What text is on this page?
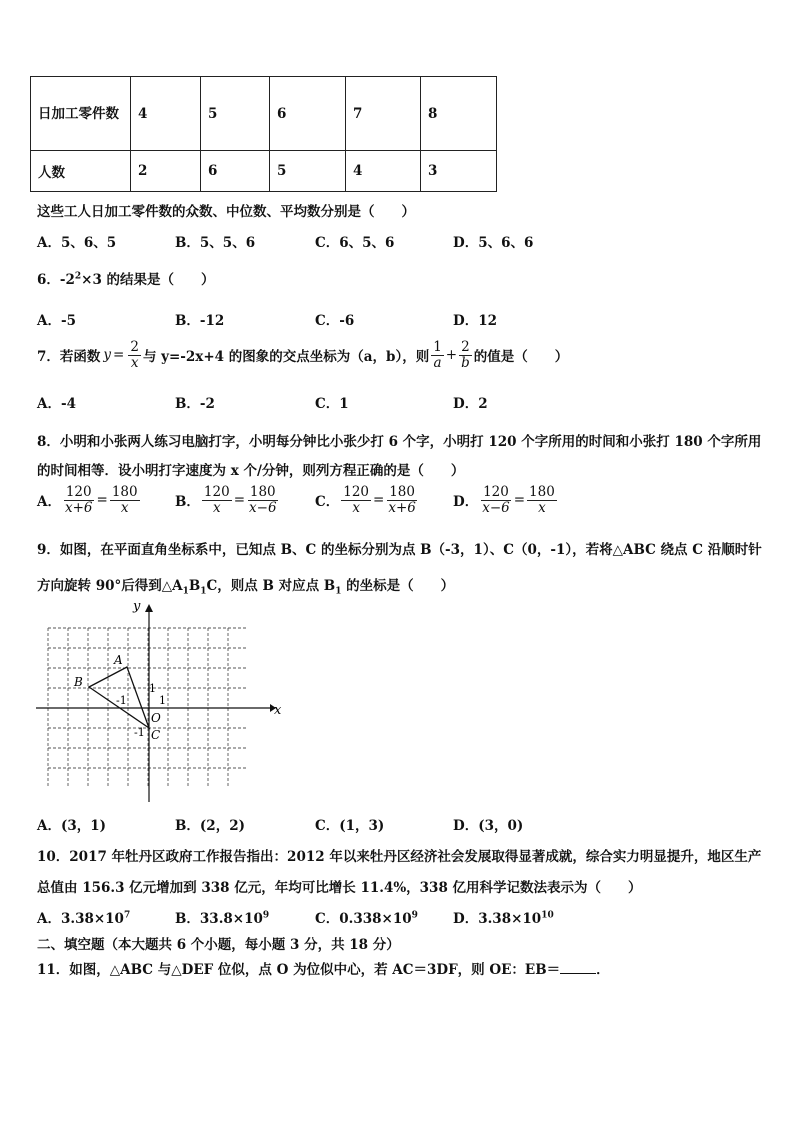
日加工零件数	4	5	6	7	8
人数	2	6	5	4	3
这些工人日加工零件数的众数、中位数、平均数分别是（　　）
A．5、6、5	B．5、5、6	C．6、5、6	D．5、6、6
6．$-2^2\times 3$ 的结果是（　　）
A．-5	B．-12	C．-6	D．12
7．若函数 $y = \frac{2}{x}$ 与 y=-2x+4 的图象的交点坐标为（a，b），则 $\frac{1}{a} + \frac{2}{b}$ 的值是（　　）
A．-4	B．-2	C．1	D．2
8．小明和小张两人练习电脑打字，小明每分钟比小张少打 6 个字，小明打 120 个字所用的时间和小张打 180 个字所用
的时间相等．设小明打字速度为 x 个/分钟，则列方程正确的是（　　）
A． $\frac{120}{x+6} = \frac{180}{x}$	B． $\frac{120}{x} = \frac{180}{x-6}$	C． $\frac{120}{x} = \frac{180}{x+6}$	D． $\frac{120}{x-6} = \frac{180}{x}$
9．如图，在平面直角坐标系中，已知点 B、C 的坐标分别为点 B（-3，1）、C（0，-1），若将△ABC 绕点 C 沿顺时针
方向旋转 90°后得到$\triangle A_1B_1C$，则点 B 对应点 $B_1$ 的坐标是（　　）
y
x
A
B
C
O
1
1
-1
-1
A．(3，1)	B．(2，2)	C．(1，3)	D．(3，0)
10．2017 年牡丹区政府工作报告指出：2012 年以来牡丹区经济社会发展取得显著成就，综合实力明显提升，地区生产
总值由 156.3 亿元增加到 338 亿元，年均可比增长 11.4%，338 亿用科学记数法表示为（　　）
A．$3.38\times 10^7$	B．$33.8\times 10^9$	C．$0.338\times 10^9$	D．$3.38\times 10^{10}$
二、填空题（本大题共 6 个小题，每小题 3 分，共 18 分）
11．如图，△ABC 与△DEF 位似，点 O 为位似中心，若 AC＝3DF，则 OE：EB＝	．
